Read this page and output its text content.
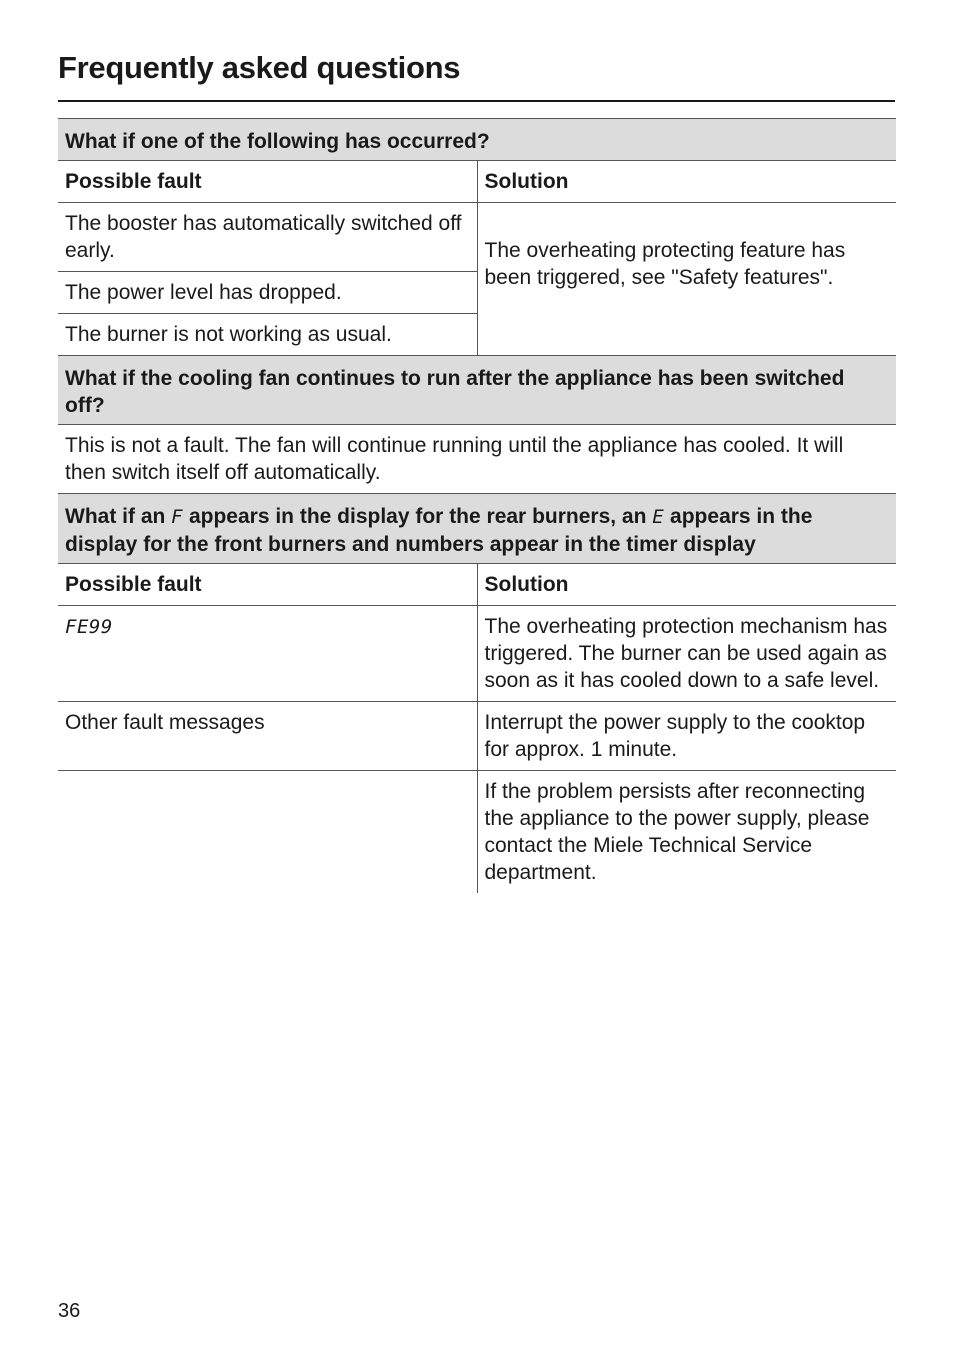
Frequently asked questions
What if one of the following has occurred?	
Possible fault	Solution
The booster has automatically switched off early.	The overheating protecting feature has been triggered, see "Safety features".
The power level has dropped.	
The burner is not working as usual.	
What if the cooling fan continues to run after the appliance has been switched off?	
This is not a fault. The fan will continue running until the appliance has cooled. It will then switch itself off automatically.	
What if an F appears in the display for the rear burners, an E appears in the display for the front burners and numbers appear in the timer display	
Possible fault	Solution
FE99	The overheating protection mechanism has triggered. The burner can be used again as soon as it has cooled down to a safe level.
Other fault messages	Interrupt the power supply to the cooktop for approx. 1 minute.
	If the problem persists after reconnecting the appliance to the power supply, please contact the Miele Technical Service department.
36
